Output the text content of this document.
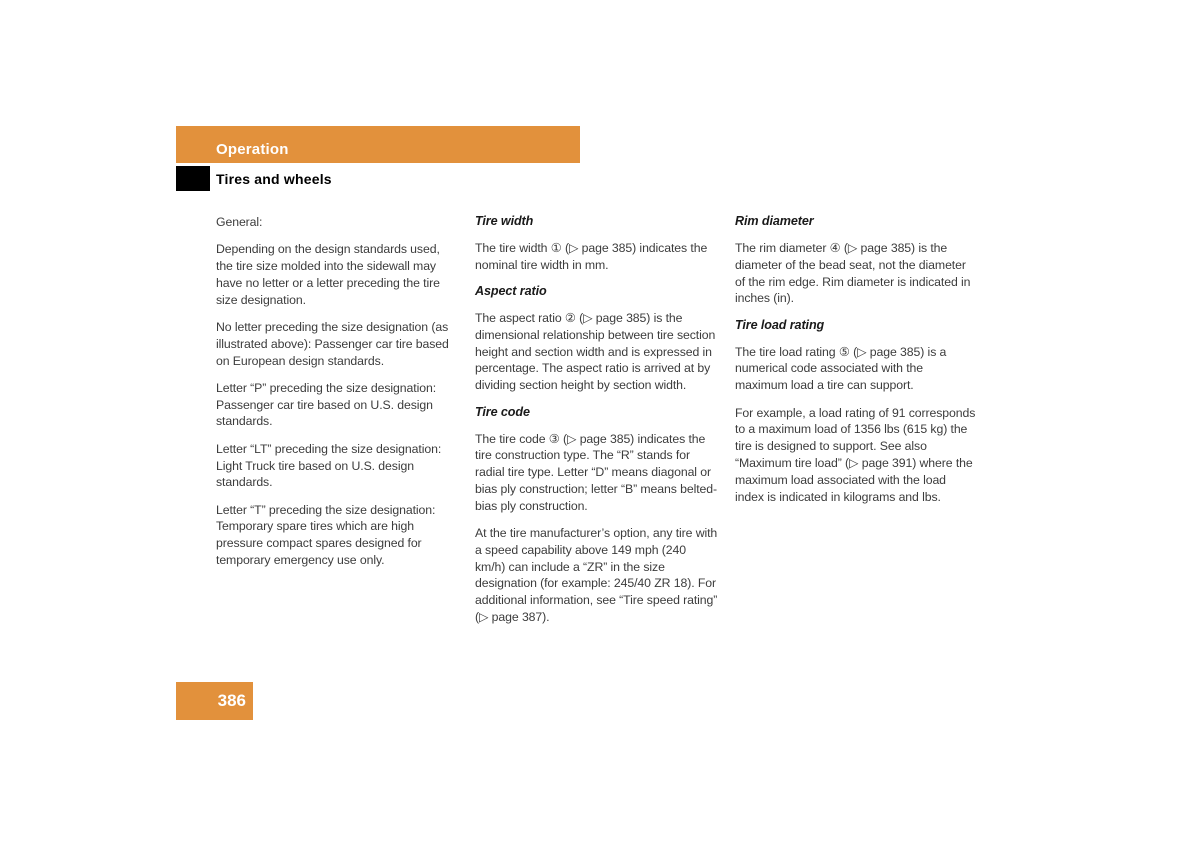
Operation
Tires and wheels

General:

Depending on the design standards used, the tire size molded into the sidewall may have no letter or a letter preceding the tire size designation.

No letter preceding the size designation (as illustrated above): Passenger car tire based on European design standards.

Letter “P” preceding the size designation: Passenger car tire based on U.S. design standards.

Letter “LT” preceding the size designation: Light Truck tire based on U.S. design standards.

Letter “T” preceding the size designation: Temporary spare tires which are high pressure compact spares designed for temporary emergency use only.

Tire width

The tire width ① (▷ page 385) indicates the nominal tire width in mm.

Aspect ratio

The aspect ratio ② (▷ page 385) is the dimensional relationship between tire section height and section width and is expressed in percentage. The aspect ratio is arrived at by dividing section height by section width.

Tire code

The tire code ③ (▷ page 385) indicates the tire construction type. The “R” stands for radial tire type. Letter “D” means diagonal or bias ply construction; letter “B” means belted-bias ply construction.

At the tire manufacturer’s option, any tire with a speed capability above 149 mph (240 km/h) can include a “ZR” in the size designation (for example: 245/40 ZR 18). For additional information, see “Tire speed rating” (▷ page 387).

Rim diameter

The rim diameter ④ (▷ page 385) is the diameter of the bead seat, not the diameter of the rim edge. Rim diameter is indicated in inches (in).

Tire load rating

The tire load rating ⑤ (▷ page 385) is a numerical code associated with the maximum load a tire can support.

For example, a load rating of 91 corresponds to a maximum load of 1356 lbs (615 kg) the tire is designed to support. See also “Maximum tire load” (▷ page 391) where the maximum load associated with the load index is indicated in kilograms and lbs.

386
